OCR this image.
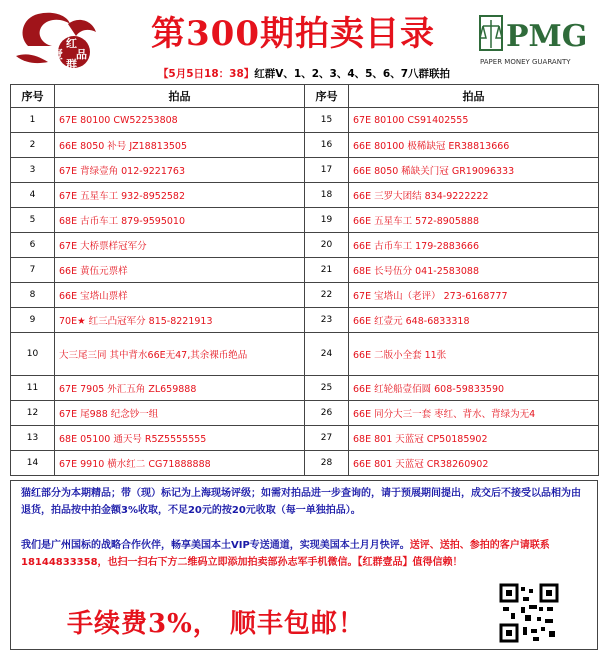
红
壹 品
群
第300期拍卖目录	PMG
PAPER MONEY GUARANTY
【5月5日18：38】红群V、1、2、3、4、5、6、7八群联拍
序号	拍品	序号	拍品
1	67E 80100 CW52253808	15	67E 80100 CS91402555
2	66E 8050 补号 JZ18813505	16	66E 80100 极稀缺冠 ER38813666
3	67E 背绿壹角 012-9221763	17	66E 8050 稀缺关门冠 GR19096333
4	67E 五星车工 932-8952582	18	66E 三罗大团结 834-9222222
5	68E 古币车工 879-9595010	19	66E 五星车工 572-8905888
6	67E 大桥票样冠军分	20	66E 古币车工 179-2883666
7	66E 黄伍元票样	21	68E 长号伍分 041-2583088
8	66E 宝塔山票样	22	67E 宝塔山（老评） 273-6168777
9	70E★ 红三凸冠军分 815-8221913	23	66E 红壹元 648-6833318
10	大三尾三同 其中背水66E无47,其余裸币绝品	24	66E 二版小全套 11张
11	67E 7905 外汇五角 ZL659888	25	66E 红轮船壹佰圆 608-59833590
12	67E 尾988 纪念钞一组	26	66E 同分大三一套 枣红、背水、背绿为无4
13	68E 05100 通天号 R5Z5555555	27	68E 801 天蓝冠 CP50185902
14	67E 9910 横水红二 CG71888888	28	66E 801 天蓝冠 CR38260902
猫红部分为本期精品；带（现）标记为上海现场评级；如需对拍品进一步查询的，请于预展期间提出，成交后不接受以品相为由退货，拍品按中拍金额3%收取，不足20元的按20元收取（每一单独拍品）。
我们是广州国标的战略合作伙伴，畅享美国本土VIP专送通道，实现美国本土月月快评。送评、送拍、参拍的客户请联系 18144833358，也扫一扫右下方二维码立即添加拍卖部孙志军手机微信。【红群壹品】值得信赖！
手续费3%， 顺丰包邮！
